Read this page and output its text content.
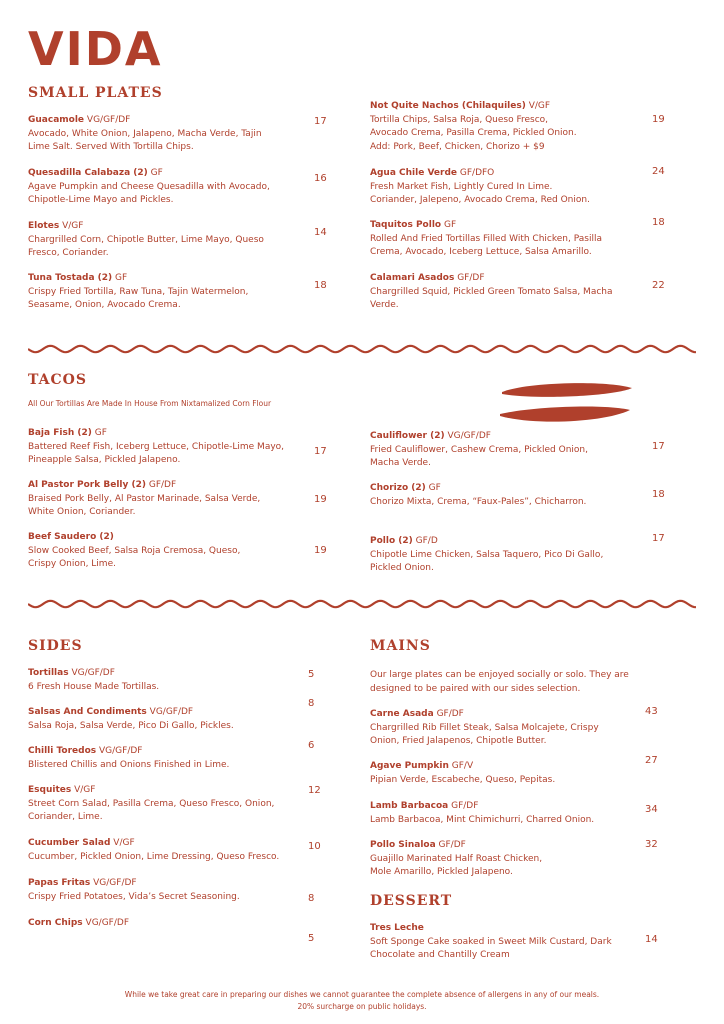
VIDA
SMALL PLATES
Guacamole VG/GF/DF
Avocado, White Onion, Jalapeno, Macha Verde, Tajin
Lime Salt. Served With Tortilla Chips.
17
Quesadilla Calabaza (2) GF
Agave Pumpkin and Cheese Quesadilla with Avocado,
Chipotle-Lime Mayo and Pickles.
16
Elotes V/GF
Chargrilled Corn, Chipotle Butter, Lime Mayo, Queso
Fresco, Coriander.
14
Tuna Tostada (2) GF
Crispy Fried Tortilla, Raw Tuna, Tajin Watermelon,
Seasame, Onion, Avocado Crema.
18
Not Quite Nachos (Chilaquiles) V/GF
Tortilla Chips, Salsa Roja, Queso Fresco,
Avocado Crema, Pasilla Crema, Pickled Onion.
Add: Pork, Beef, Chicken, Chorizo + $9
19
Agua Chile Verde GF/DFO
Fresh Market Fish, Lightly Cured In Lime.
Coriander, Jalepeno, Avocado Crema, Red Onion.
24
Taquitos Pollo GF
Rolled And Fried Tortillas Filled With Chicken, Pasilla
Crema, Avocado, Iceberg Lettuce, Salsa Amarillo.
18
Calamari Asados GF/DF
Chargrilled Squid, Pickled Green Tomato Salsa, Macha
Verde.
22
TACOS
All Our Tortillas Are Made In House From Nixtamalized Corn Flour
Baja Fish (2) GF
Battered Reef Fish, Iceberg Lettuce, Chipotle-Lime Mayo,
Pineapple Salsa, Pickled Jalapeno.
17
Al Pastor Pork Belly (2) GF/DF
Braised Pork Belly, Al Pastor Marinade, Salsa Verde,
White Onion, Coriander.
19
Beef Saudero (2)
Slow Cooked Beef, Salsa Roja Cremosa, Queso,
Crispy Onion, Lime.
19
Cauliflower (2) VG/GF/DF
Fried Cauliflower, Cashew Crema, Pickled Onion,
Macha Verde.
17
Chorizo (2) GF
Chorizo Mixta, Crema, “Faux-Pales”, Chicharron.
18
Pollo (2) GF/D
Chipotle Lime Chicken, Salsa Taquero, Pico Di Gallo,
Pickled Onion.
17
SIDES
Tortillas VG/GF/DF
6 Fresh House Made Tortillas.
5
Salsas And Condiments VG/GF/DF
Salsa Roja, Salsa Verde, Pico Di Gallo, Pickles.
8
Chilli Toredos VG/GF/DF
Blistered Chillis and Onions Finished in Lime.
6
Esquites V/GF
Street Corn Salad, Pasilla Crema, Queso Fresco, Onion,
Coriander, Lime.
12
Cucumber Salad V/GF
Cucumber, Pickled Onion, Lime Dressing, Queso Fresco.
10
Papas Fritas VG/GF/DF
Crispy Fried Potatoes, Vida’s Secret Seasoning.	8
Corn Chips VG/GF/DF
5
MAINS
Our large plates can be enjoyed socially or solo. They are
designed to be paired with our sides selection.
Carne Asada GF/DF
Chargrilled Rib Fillet Steak, Salsa Molcajete, Crispy
Onion, Fried Jalapenos, Chipotle Butter.
43
Agave Pumpkin GF/V
Pipian Verde, Escabeche, Queso, Pepitas.
27
Lamb Barbacoa GF/DF
Lamb Barbacoa, Mint Chimichurri, Charred Onion.
34
Pollo Sinaloa GF/DF
Guajillo Marinated Half Roast Chicken,
Mole Amarillo, Pickled Jalapeno.
32
DESSERT
Tres Leche
Soft Sponge Cake soaked in Sweet Milk Custard, Dark
Chocolate and Chantilly Cream
14
While we take great care in preparing our dishes we cannot guarantee the complete absence of allergens in any of our meals.
20% surcharge on public holidays.
